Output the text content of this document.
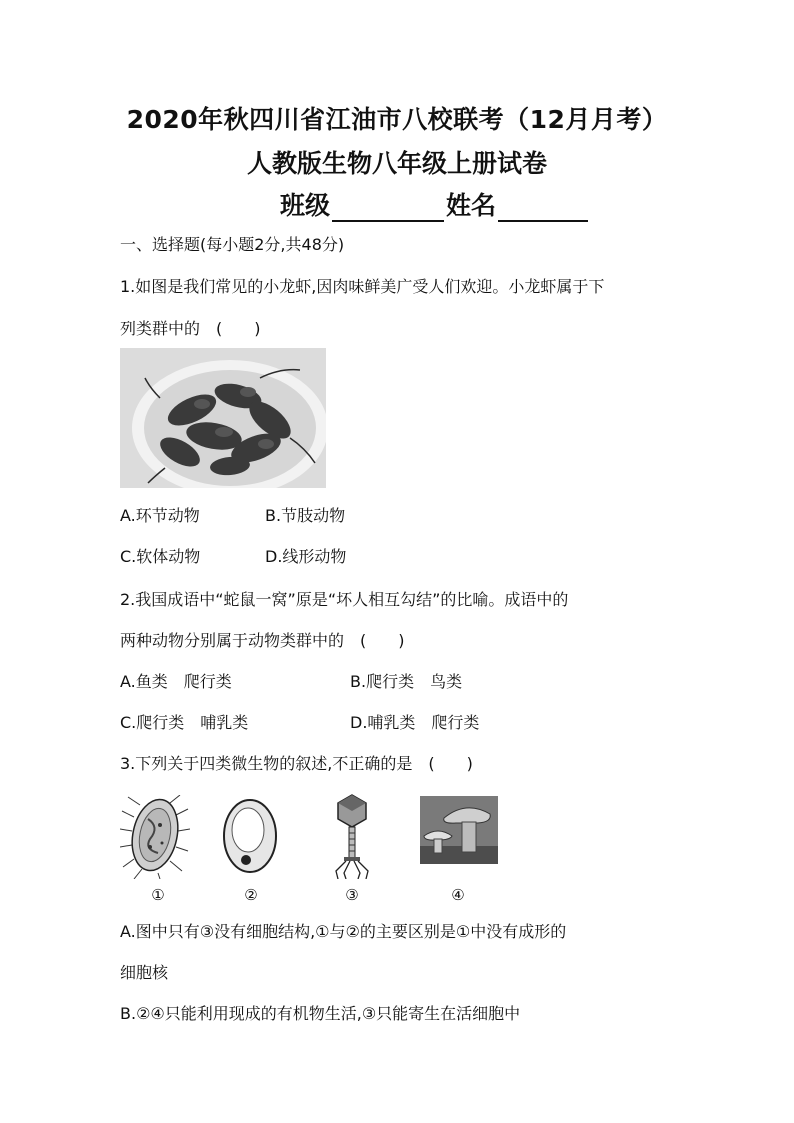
2020年秋四川省江油市八校联考（12月月考）
人教版生物八年级上册试卷
班级	姓名
一、选择题(每小题2分,共48分)
1.如图是我们常见的小龙虾,因肉味鲜美广受人们欢迎。小龙虾属于下
列类群中的　(　　)
A.环节动物	B.节肢动物
C.软体动物	D.线形动物
2.我国成语中“蛇鼠一窝”原是“坏人相互勾结”的比喻。成语中的
两种动物分别属于动物类群中的　(　　)
A.鱼类　爬行类	B.爬行类　鸟类
C.爬行类　哺乳类	D.哺乳类　爬行类
3.下列关于四类微生物的叙述,不正确的是　(　　)
①	②	③	④
A.图中只有③没有细胞结构,①与②的主要区别是①中没有成形的
细胞核
B.②④只能利用现成的有机物生活,③只能寄生在活细胞中
